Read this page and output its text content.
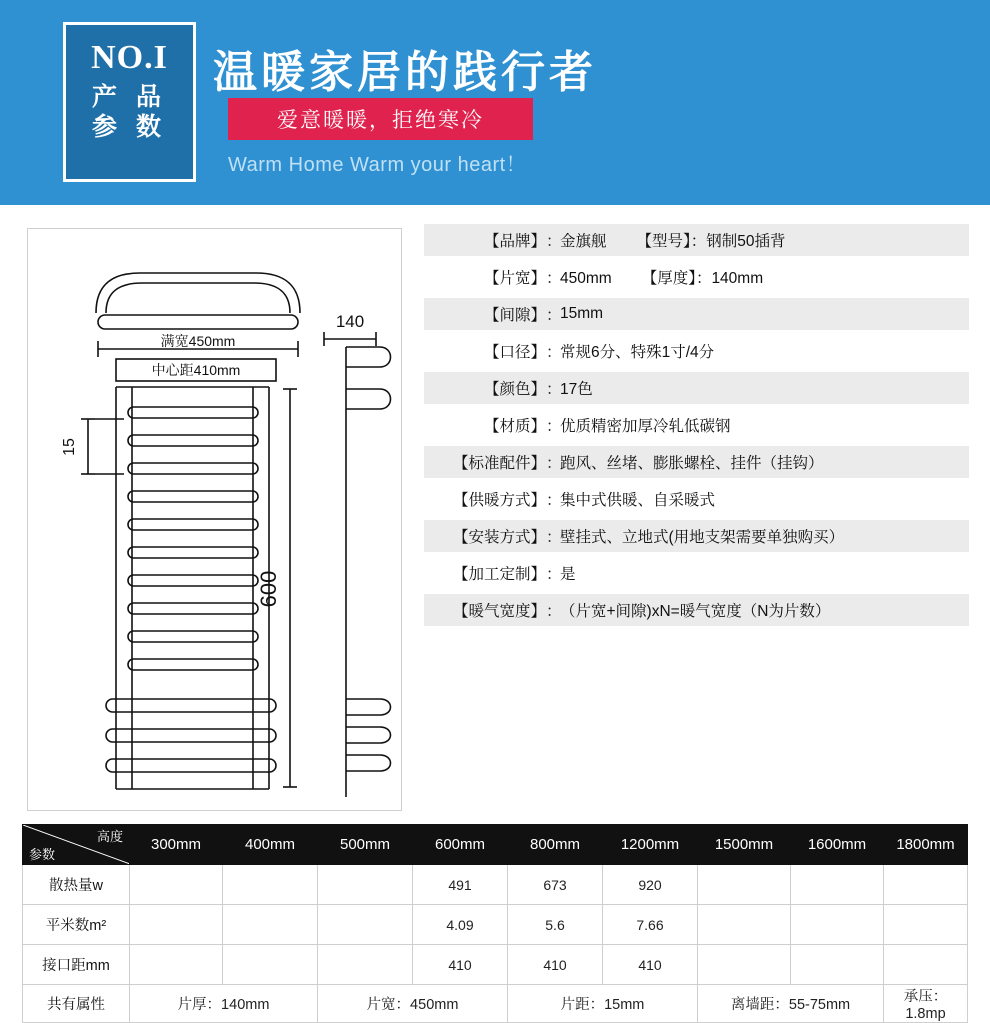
NO.I
产 品
参 数
温暖家居的践行者
爱意暖暖，拒绝寒冷
Warm Home Warm your heart！
满宽450mm
中心距410mm
140
15
600
【品牌】 ：
金旗舰 【型号】：钢制50插背
【片宽】 ：
450mm 【厚度】：140mm
【间隙】 ：
15mm
【口径】 ：
常规6分、特殊1寸/4分
【颜色】 ：
17色
【材质】 ：
优质精密加厚冷轧低碳钢
【标准配件】 ：
跑风、丝堵、膨胀螺栓、挂件（挂钩）
【供暖方式】 ：
集中式供暖、自采暖式
【安装方式】 ：
壁挂式、立地式(用地支架需要单独购买）
【加工定制】 ：
是
【暖气宽度】 ：
（片宽+间隙)xN=暖气宽度（N为片数）
高度
参数	300mm	400mm	500mm	600mm	800mm	1200mm	1500mm	1600mm	1800mm
散热量w				491	673	920			
平米数m²				4.09	5.6	7.66			
接口距mm				410	410	410			
共有属性	片厚：140mm		片宽：450mm		片距：15mm		离墙距：55-75mm		承压：1.8mp
